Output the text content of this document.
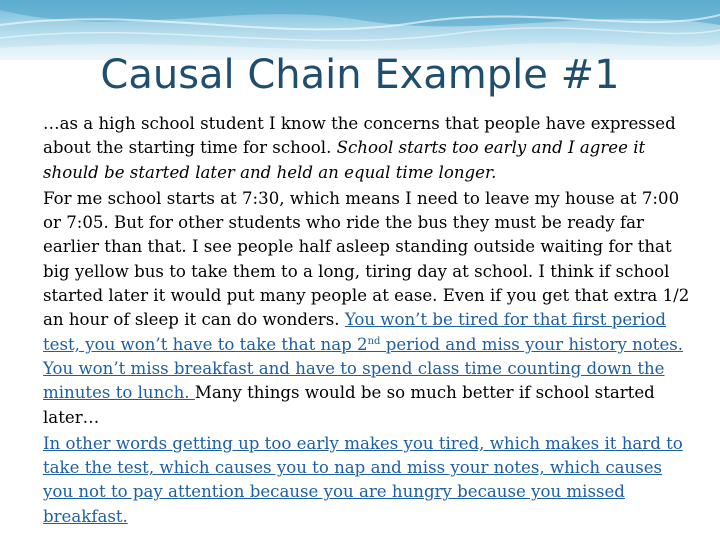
Causal Chain Example #1

…as a high school student I know the concerns that people have expressed about the starting time for school. School starts too early and I agree it should be started later and held an equal time longer.

For me school starts at 7:30, which means I need to leave my house at 7:00 or 7:05. But for other students who ride the bus they must be ready far earlier than that. I see people half asleep standing outside waiting for that big yellow bus to take them to a long, tiring day at school. I think if school started later it would put many people at ease. Even if you get that extra 1/2 an hour of sleep it can do wonders. You won’t be tired for that first period test, you won’t have to take that nap 2nd period and miss your history notes. You won’t miss breakfast and have to spend class time counting down the minutes to lunch. Many things would be so much better if school started later…

In other words getting up too early makes you tired, which makes it hard to take the test, which causes you to nap and miss your notes, which causes you not to pay attention because you are hungry because you missed breakfast.
